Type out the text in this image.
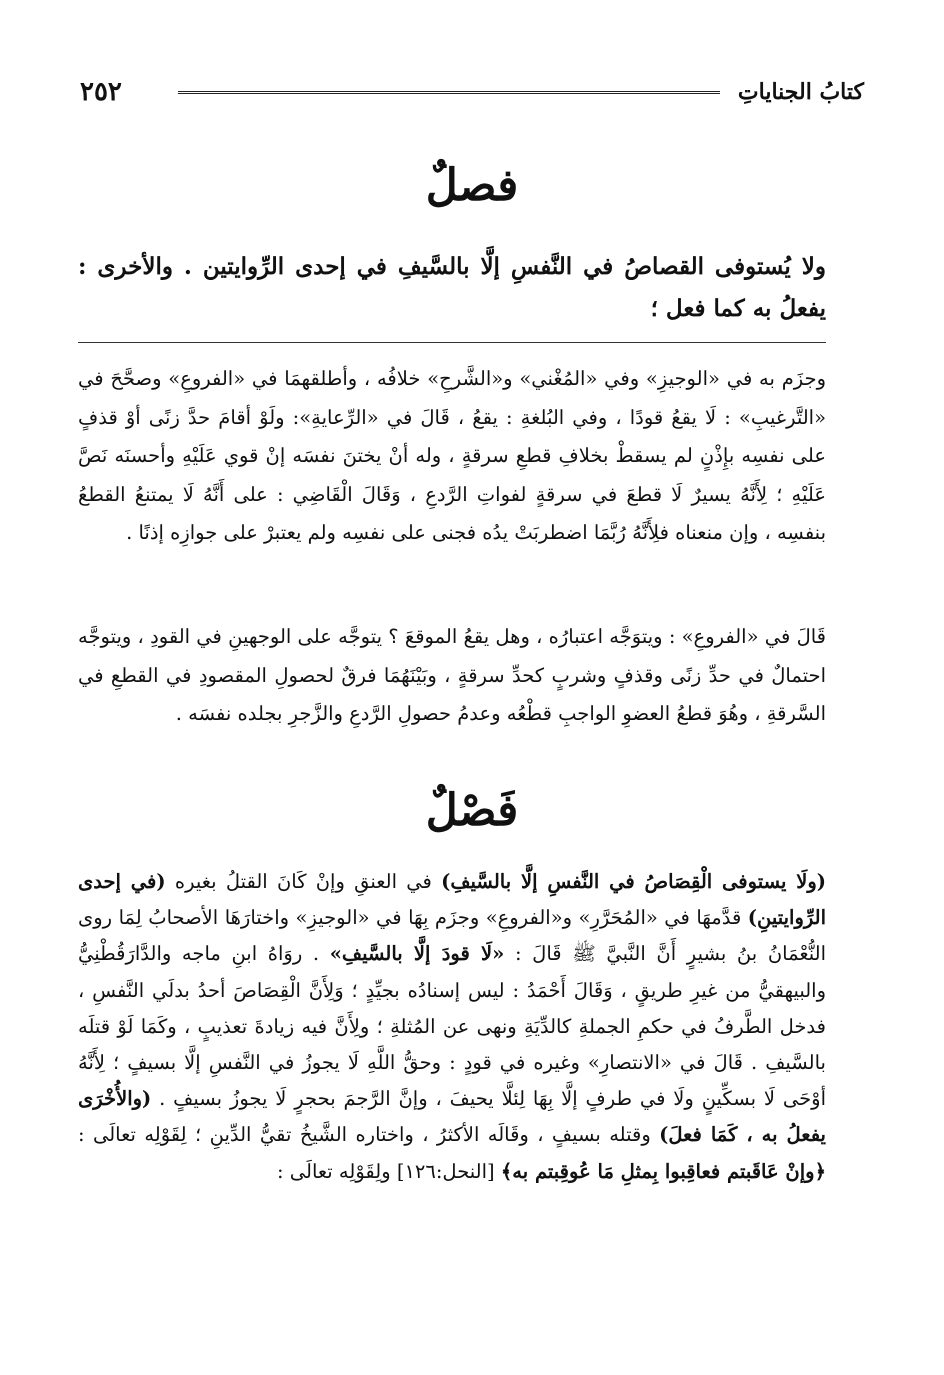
٢٥٢	كتابُ الجناياتِ
فصلٌ
ولا يُستوفى القصاصُ في النَّفسِ إلَّا بالسَّيفِ في إحدى الرِّوايتين . والأخرى : يفعلُ به كما فعل ؛

وجزَم به في «الوجيزِ» وفي «المُغْني» و«الشَّرحِ» خلافُه ، وأطلقهمَا في «الفروعِ» وصحَّحَ في «التَّرغيبِ» : لَا يقعُ قودًا ، وفي البُلغةِ : يقعُ ، قَالَ في «الرِّعايةِ»: ولَوْ أقامَ حدَّ زنًى أوْ قذفٍ على نفسِه بإِذْنٍ لم يسقطْ بخلافِ قطعِ سرقةٍ ، وله أنْ يختنَ نفسَه إنْ قوي عَلَيْهِ وأحسنَه نَصَّ عَلَيْهِ ؛ لِأَنَّهُ يسيرٌ لَا قطعَ في سرقةٍ لفواتِ الرَّدعِ ، وَقَالَ الْقَاضِي : على أَنَّهُ لَا يمتنعُ القطعُ بنفسِه ، وإن منعناه فلِأَنَّهُ رُبَّمَا اضطربَتْ يدُه فجنى على نفسِه ولم يعتبرْ على جوازِه إذنًا .

قَالَ في «الفروعِ» : ويتوَجَّه اعتبارُه ، وهل يقعُ الموقعَ ؟ يتوجَّه على الوجهينِ في القودِ ، ويتوجَّه احتمالٌ في حدِّ زنًى وقذفٍ وشربٍ كحدِّ سرقةٍ ، وبَيْنَهُمَا فرقٌ لحصولِ المقصودِ في القطعِ في السَّرقةِ ، وهُوَ قطعُ العضوِ الواجبِ قطْعُه وعدمُ حصولِ الرَّدعِ والزَّجرِ بجلده نفسَه .

فَصْلٌ

(ولَا يستوفى الْقِصَاصُ في النَّفسِ إلَّا بالسَّيفِ) في العنقِ وإنْ كَانَ القتلُ بغيره (في إحدى الرِّوايتينِ) قدَّمهَا في «المُحَرَّرِ» و«الفروعِ» وجزَم بِهَا في «الوجيزِ» واختارَهَا الأصحابُ لِمَا روى النُّعْمَانُ بنُ بشيرٍ أَنَّ النَّبيَّ ﷺ قَالَ : «لَا قودَ إلَّا بالسَّيفِ» . روَاهُ ابنِ ماجه والدَّارَقُطْنِيُّ والبيهقيُّ من غيرِ طريقٍ ، وَقَالَ أَحْمَدُ : ليس إسنادُه بجيِّدٍ ؛ وَلِأَنَّ الْقِصَاصَ أحدُ بدلَي النَّفسِ ، فدخل الطَّرفُ في حكمِ الجملةِ كالدِّيَةِ ونهى عن المُثلةِ ؛ ولِأَنَّ فيه زيادةَ تعذيبٍ ، وكَمَا لَوْ قتلَه بالسَّيفِ . قَالَ في «الانتصارِ» وغيره في قودٍ : وحقُّ اللَّهِ لَا يجوزُ في النَّفسِ إلَّا بسيفٍ ؛ لِأَنَّهُ أوْحَى لَا بسكِّينٍ ولَا في طرفٍ إلَّا بِهَا لِئلَّا يحيفَ ، وإنَّ الرَّجمَ بحجرٍ لَا يجوزُ بسيفٍ . (والأُخْرَى يفعلُ به ، كَمَا فعلَ) وقتله بسيفٍ ، وقَالَه الأكثرُ ، واختاره الشَّيخُ تقيُّ الدِّينِ ؛ لِقَوْلِه تعالَى : ﴿وإنْ عَاقَبتم فعاقِبوا بِمثلِ مَا عُوقِبتم به﴾ [النحل:١٢٦] ولِقَوْلِه تعالَى :
